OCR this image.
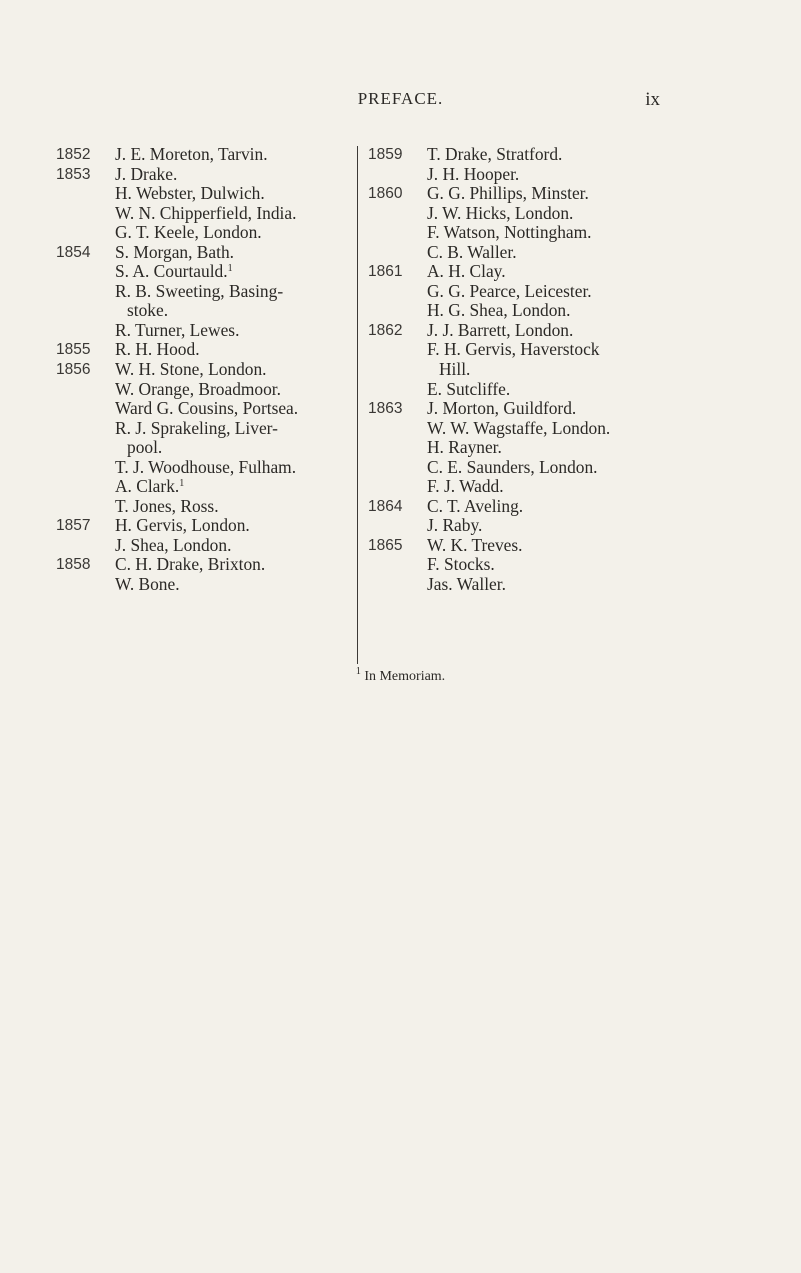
PREFACE.	ix
1852	J. E. Moreton, Tarvin.
1853	J. Drake.
H. Webster, Dulwich.
W. N. Chipperfield, India.
G. T. Keele, London.
1854	S. Morgan, Bath.
S. A. Courtauld.$^1$
R. B. Sweeting, Basing-
stoke.
R. Turner, Lewes.
1855	R. H. Hood.
1856	W. H. Stone, London.
W. Orange, Broadmoor.
Ward G. Cousins, Portsea.
R. J. Sprakeling, Liver-
pool.
T. J. Woodhouse, Fulham.
A. Clark.$^1$
T. Jones, Ross.
1857	H. Gervis, London.
J. Shea, London.
1858	C. H. Drake, Brixton.
W. Bone.
1859	T. Drake, Stratford.
J. H. Hooper.
1860	G. G. Phillips, Minster.
J. W. Hicks, London.
F. Watson, Nottingham.
C. B. Waller.
1861	A. H. Clay.
G. G. Pearce, Leicester.
H. G. Shea, London.
1862	J. J. Barrett, London.
F. H. Gervis, Haverstock
Hill.
E. Sutcliffe.
1863	J. Morton, Guildford.
W. W. Wagstaffe, London.
H. Rayner.
C. E. Saunders, London.
F. J. Wadd.
1864	C. T. Aveling.
J. Raby.
1865	W. K. Treves.
F. Stocks.
Jas. Waller.
$^1$ In Memoriam.
